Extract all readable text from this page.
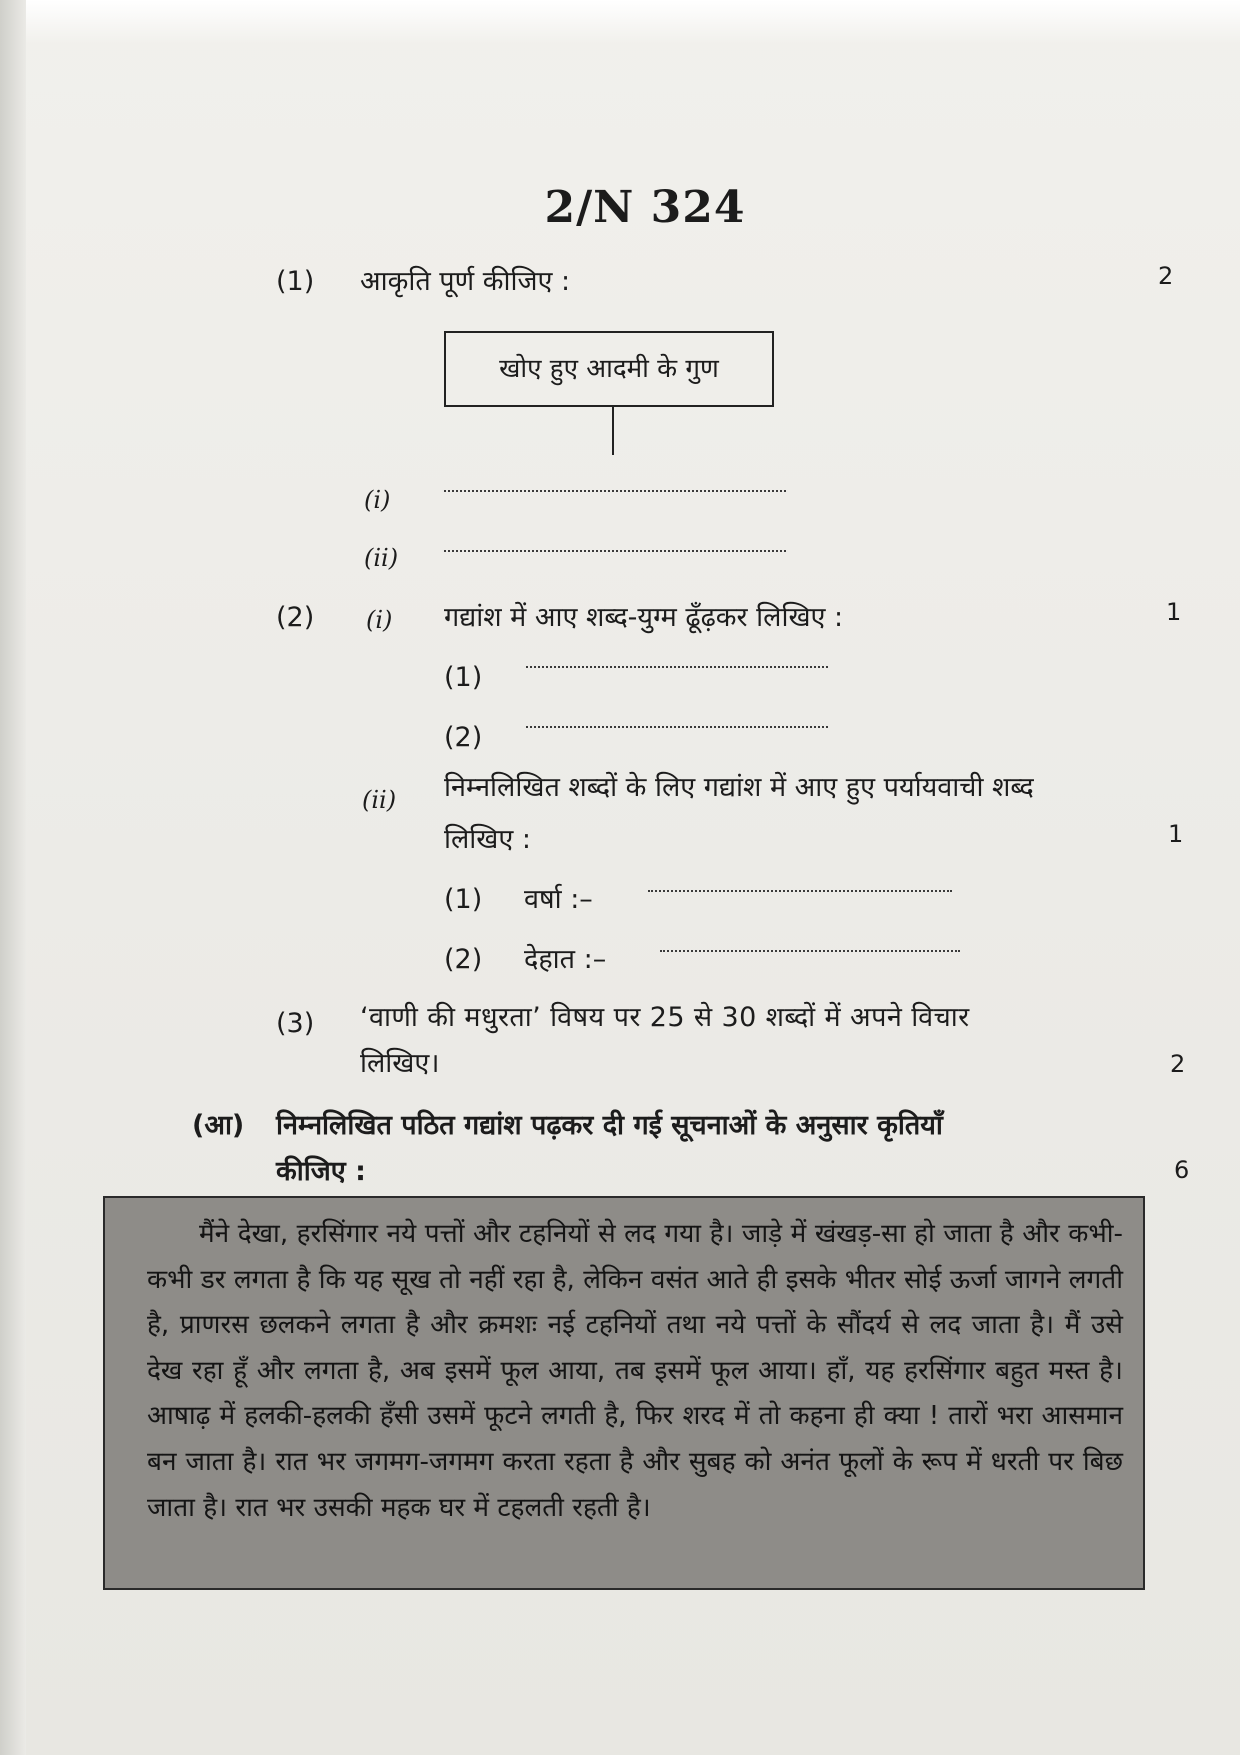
2/N 324
(1) आकृति पूर्ण कीजिए :	2
खोए हुए आदमी के गुण
(i)
(ii)
(2) (i) गद्यांश में आए शब्द-युग्म ढूँढ़कर लिखिए :	1
(1)
(2)
(ii) निम्नलिखित शब्दों के लिए गद्यांश में आए हुए पर्यायवाची शब्द
लिखिए :	1
(1) वर्षा :–
(2) देहात :–
(3) ‘वाणी की मधुरता’ विषय पर 25 से 30 शब्दों में अपने विचार
लिखिए।	2
(आ) निम्नलिखित पठित गद्यांश पढ़कर दी गई सूचनाओं के अनुसार कृतियाँ
कीजिए :	6
मैंने देखा, हरसिंगार नये पत्तों और टहनियों से लद गया है। जाड़े में खंखड़-सा हो जाता है और कभी-कभी डर लगता है कि यह सूख तो नहीं रहा है, लेकिन वसंत आते ही इसके भीतर सोई ऊर्जा जागने लगती है, प्राणरस छलकने लगता है और क्रमशः नई टहनियों तथा नये पत्तों के सौंदर्य से लद जाता है। मैं उसे देख रहा हूँ और लगता है, अब इसमें फूल आया, तब इसमें फूल आया। हाँ, यह हरसिंगार बहुत मस्त है। आषाढ़ में हलकी-हलकी हँसी उसमें फूटने लगती है, फिर शरद में तो कहना ही क्या ! तारों भरा आसमान बन जाता है। रात भर जगमग-जगमग करता रहता है और सुबह को अनंत फूलों के रूप में धरती पर बिछ जाता है। रात भर उसकी महक घर में टहलती रहती है।
